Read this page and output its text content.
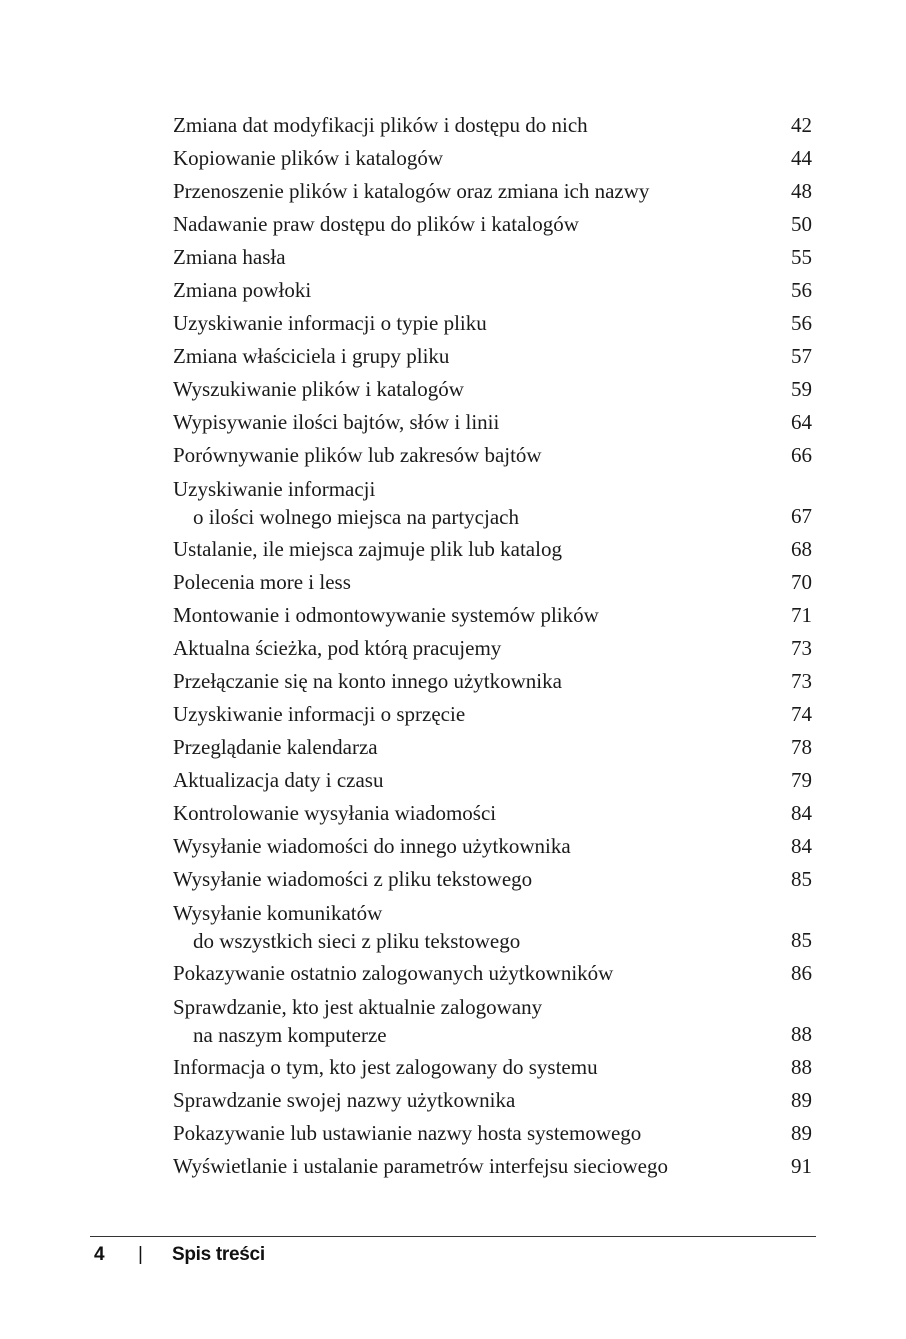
Zmiana dat modyfikacji plików i dostępu do nich	42
Kopiowanie plików i katalogów	44
Przenoszenie plików i katalogów oraz zmiana ich nazwy	48
Nadawanie praw dostępu do plików i katalogów	50
Zmiana hasła	55
Zmiana powłoki	56
Uzyskiwanie informacji o typie pliku	56
Zmiana właściciela i grupy pliku	57
Wyszukiwanie plików i katalogów	59
Wypisywanie ilości bajtów, słów i linii	64
Porównywanie plików lub zakresów bajtów	66
Uzyskiwanie informacji
o ilości wolnego miejsca na partycjach	67
Ustalanie, ile miejsca zajmuje plik lub katalog	68
Polecenia more i less	70
Montowanie i odmontowywanie systemów plików	71
Aktualna ścieżka, pod którą pracujemy	73
Przełączanie się na konto innego użytkownika	73
Uzyskiwanie informacji o sprzęcie	74
Przeglądanie kalendarza	78
Aktualizacja daty i czasu	79
Kontrolowanie wysyłania wiadomości	84
Wysyłanie wiadomości do innego użytkownika	84
Wysyłanie wiadomości z pliku tekstowego	85
Wysyłanie komunikatów
do wszystkich sieci z pliku tekstowego	85
Pokazywanie ostatnio zalogowanych użytkowników	86
Sprawdzanie, kto jest aktualnie zalogowany
na naszym komputerze	88
Informacja o tym, kto jest zalogowany do systemu	88
Sprawdzanie swojej nazwy użytkownika	89
Pokazywanie lub ustawianie nazwy hosta systemowego	89
Wyświetlanie i ustalanie parametrów interfejsu sieciowego	91
4 | Spis treści
